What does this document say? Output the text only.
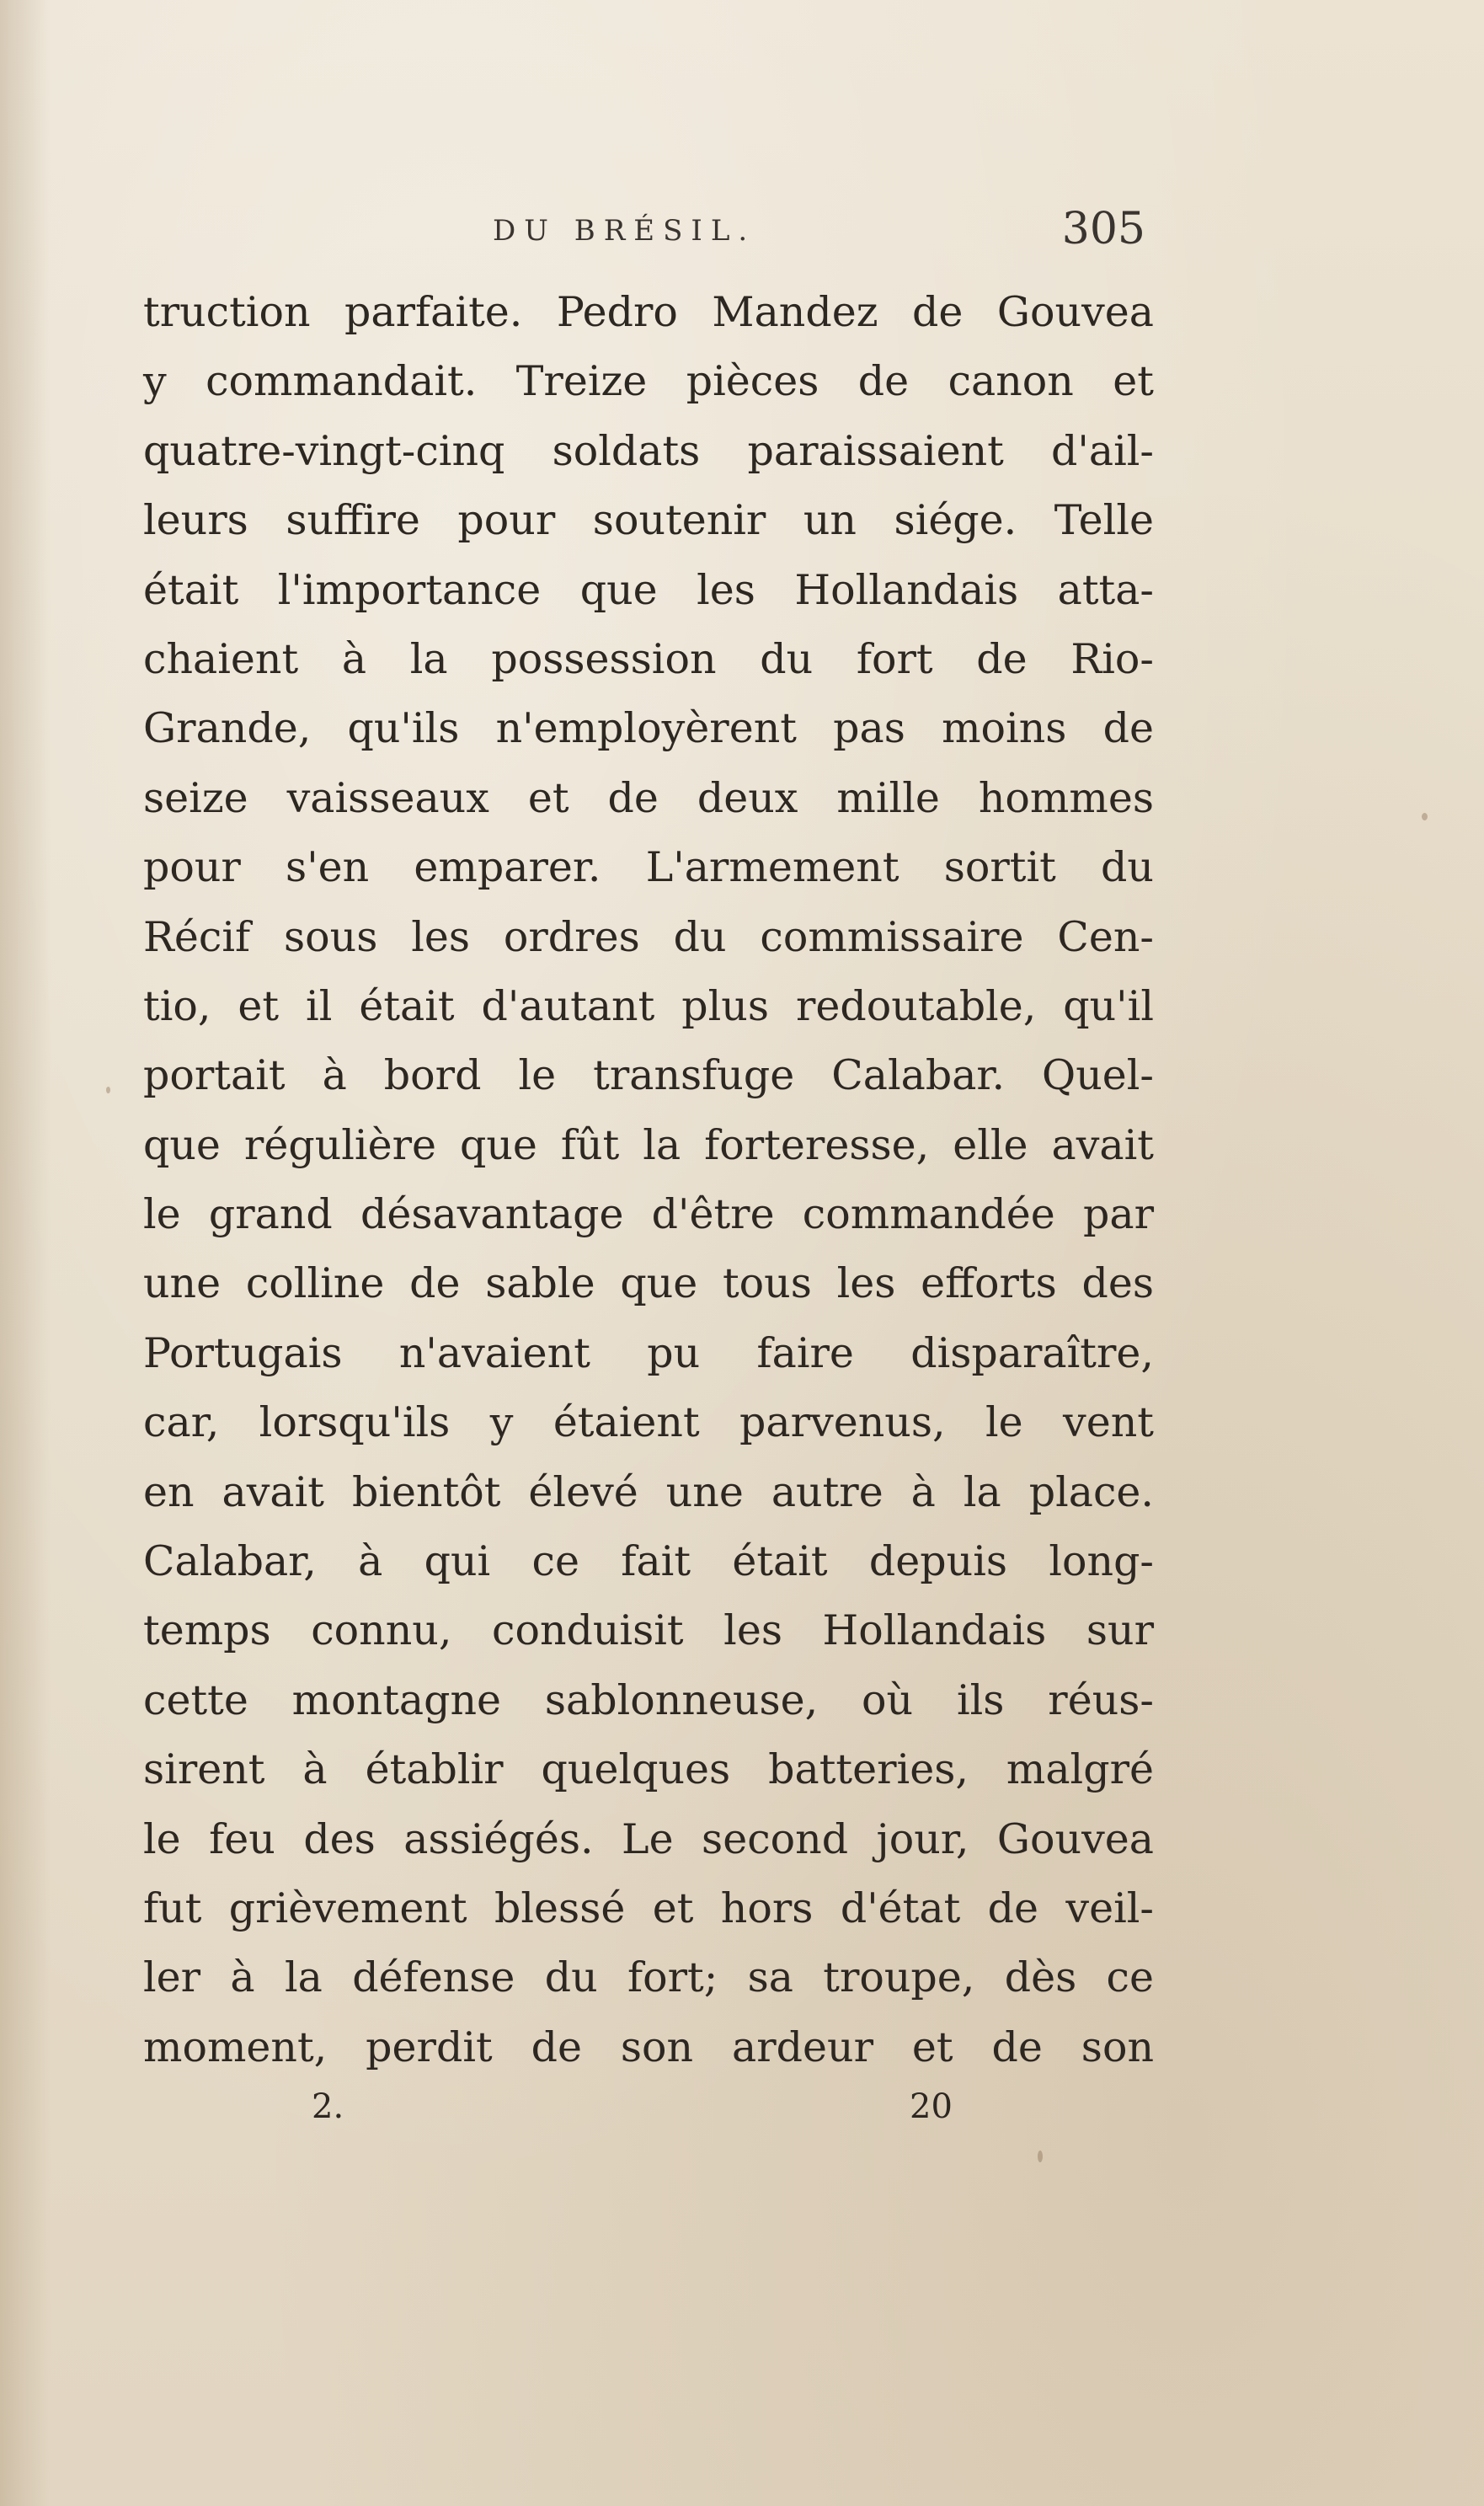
DU BRÉSIL.	305
truction parfaite. Pedro Mandez de Gouvea
y commandait. Treize pièces de canon et
quatre-vingt-cinq soldats paraissaient d'ail-
leurs suffire pour soutenir un siége. Telle
était l'importance que les Hollandais atta-
chaient à la possession du fort de Rio-
Grande, qu'ils n'employèrent pas moins de
seize vaisseaux et de deux mille hommes
pour s'en emparer. L'armement sortit du
Récif sous les ordres du commissaire Cen-
tio, et il était d'autant plus redoutable, qu'il
portait à bord le transfuge Calabar. Quel-
que régulière que fût la forteresse, elle avait
le grand désavantage d'être commandée par
une colline de sable que tous les efforts des
Portugais n'avaient pu faire disparaître,
car, lorsqu'ils y étaient parvenus, le vent
en avait bientôt élevé une autre à la place.
Calabar, à qui ce fait était depuis long-
temps connu, conduisit les Hollandais sur
cette montagne sablonneuse, où ils réus-
sirent à établir quelques batteries, malgré
le feu des assiégés. Le second jour, Gouvea
fut grièvement blessé et hors d'état de veil-
ler à la défense du fort; sa troupe, dès ce
moment, perdit de son ardeur et de son
2.	20
